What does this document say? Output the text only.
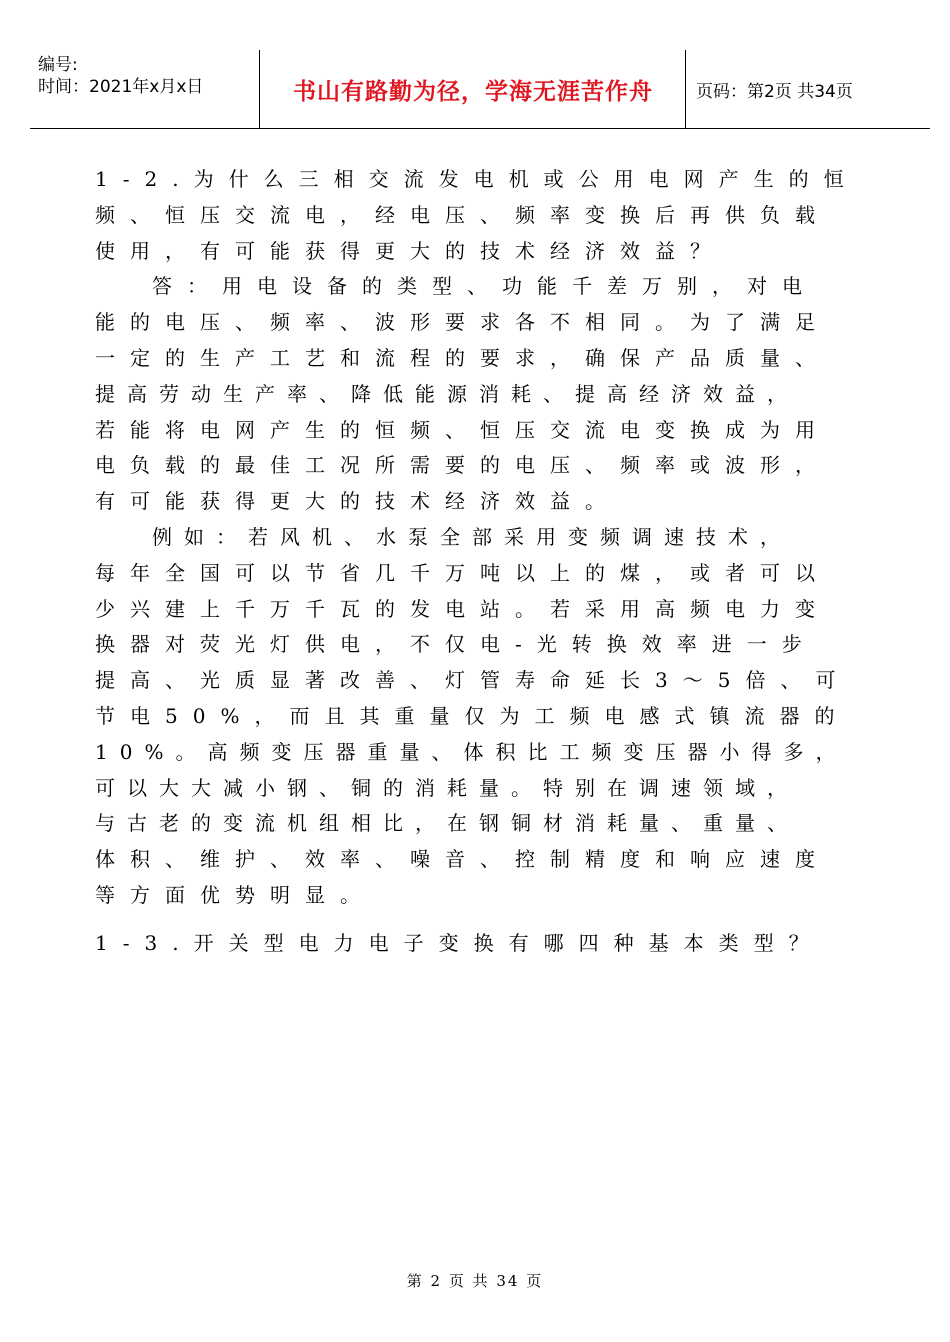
编号:
时间：2021年x月x日	书山有路勤为径，学海无涯苦作舟	页码：第2页 共34页
1-2.为什么三相交流发电机或公用电网产生的恒
频、恒压交流电，经电压、频率变换后再供负载
使用，有可能获得更大的技术经济效益？
答：用电设备的类型、功能千差万别，对电
能的电压、频率、波形要求各不相同。为了满足
一定的生产工艺和流程的要求，确保产品质量、
提高劳动生产率、降低能源消耗、提高经济效益，
若能将电网产生的恒频、恒压交流电变换成为用
电负载的最佳工况所需要的电压、频率或波形，
有可能获得更大的技术经济效益。
例如：若风机、水泵全部采用变频调速技术，
每年全国可以节省几千万吨以上的煤，或者可以
少兴建上千万千瓦的发电站。若采用高频电力变
换器对荧光灯供电，不仅电-光转换效率进一步
提高、光质显著改善、灯管寿命延长3～5倍、可
节电50%，而且其重量仅为工频电感式镇流器的
10%。高频变压器重量、体积比工频变压器小得多，
可以大大减小钢、铜的消耗量。特别在调速领域，
与古老的变流机组相比，在钢铜材消耗量、重量、
体积、维护、效率、噪音、控制精度和响应速度
等方面优势明显。
1-3.开关型电力电子变换有哪四种基本类型？
第 2 页 共 34 页
